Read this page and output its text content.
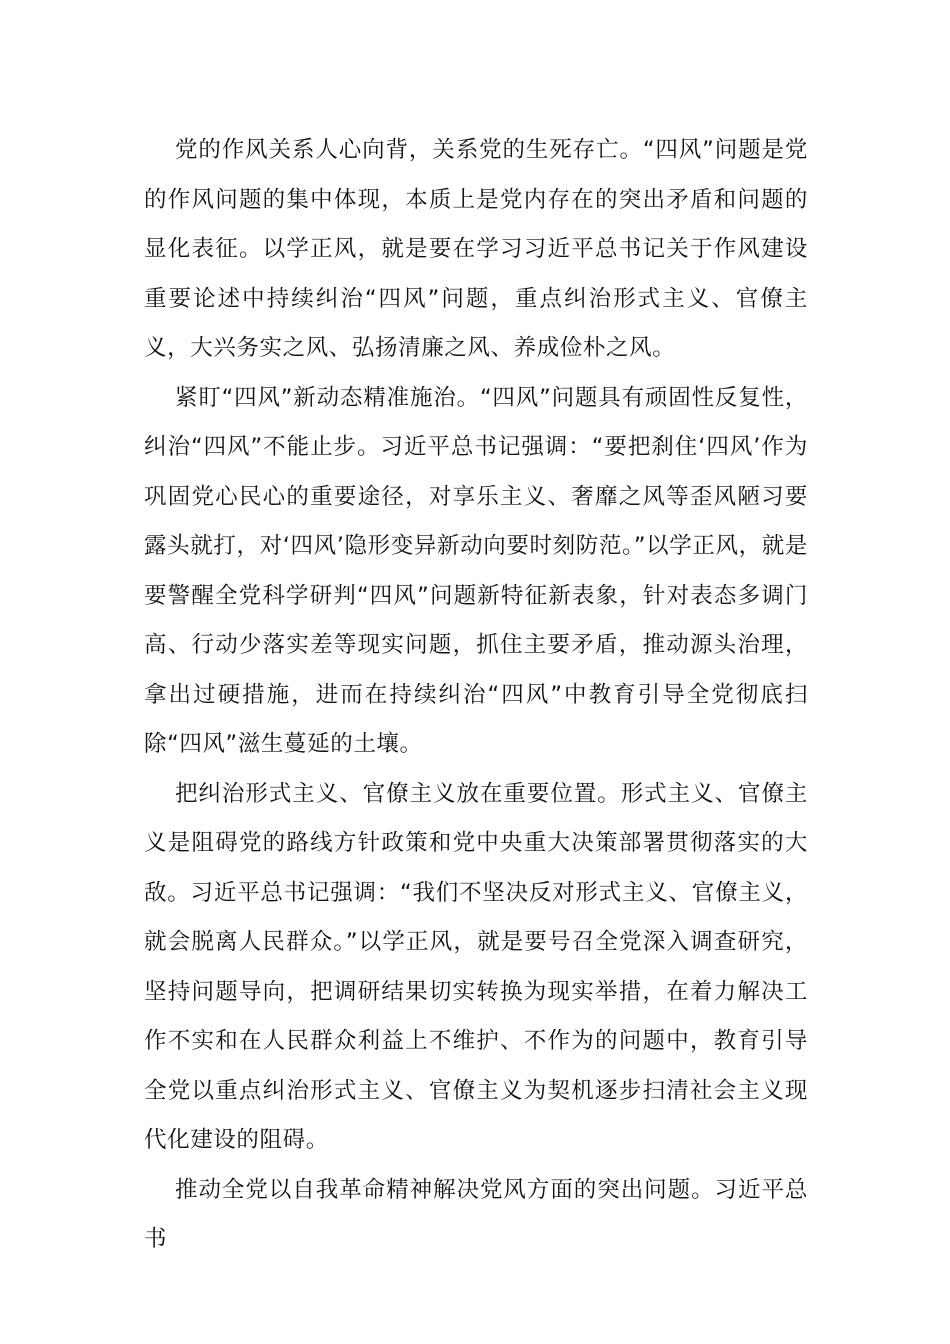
党的作风关系人心向背，关系党的生死存亡。“四风”问题是党的作风问题的集中体现，本质上是党内存在的突出矛盾和问题的显化表征。以学正风，就是要在学习习近平总书记关于作风建设重要论述中持续纠治“四风”问题，重点纠治形式主义、官僚主义，大兴务实之风、弘扬清廉之风、养成俭朴之风。

紧盯“四风”新动态精准施治。“四风”问题具有顽固性反复性，纠治“四风”不能止步。习近平总书记强调：“要把刹住‘四风’作为巩固党心民心的重要途径，对享乐主义、奢靡之风等歪风陋习要露头就打，对‘四风’隐形变异新动向要时刻防范。”以学正风，就是要警醒全党科学研判“四风”问题新特征新表象，针对表态多调门高、行动少落实差等现实问题，抓住主要矛盾，推动源头治理，拿出过硬措施，进而在持续纠治“四风”中教育引导全党彻底扫除“四风”滋生蔓延的土壤。

把纠治形式主义、官僚主义放在重要位置。形式主义、官僚主义是阻碍党的路线方针政策和党中央重大决策部署贯彻落实的大敌。习近平总书记强调：“我们不坚决反对形式主义、官僚主义，就会脱离人民群众。”以学正风，就是要号召全党深入调查研究，坚持问题导向，把调研结果切实转换为现实举措，在着力解决工作不实和在人民群众利益上不维护、不作为的问题中，教育引导全党以重点纠治形式主义、官僚主义为契机逐步扫清社会主义现代化建设的阻碍。

推动全党以自我革命精神解决党风方面的突出问题。习近平总书
